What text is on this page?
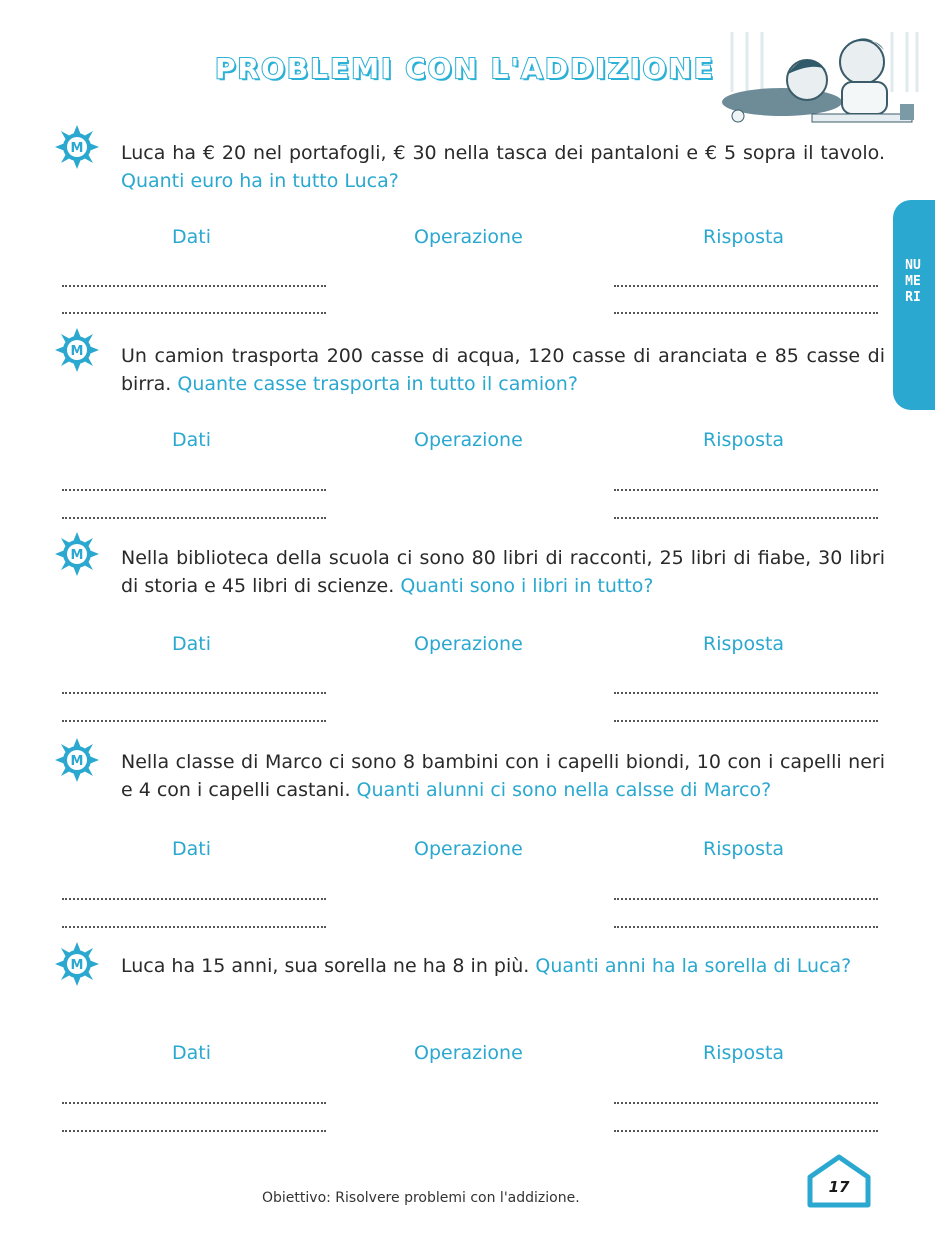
PROBLEMI CON L'ADDIZIONE
NUMERI
M Luca ha € 20 nel portafogli, € 30 nella tasca dei pantaloni e € 5 sopra il tavolo. Quanti euro ha in tutto Luca?
Dati	Operazione	Risposta
M Un camion trasporta 200 casse di acqua, 120 casse di aranciata e 85 casse di birra. Quante casse trasporta in tutto il camion?
Dati	Operazione	Risposta
M Nella biblioteca della scuola ci sono 80 libri di racconti, 25 libri di fiabe, 30 libri di storia e 45 libri di scienze. Quanti sono i libri in tutto?
Dati	Operazione	Risposta
M Nella classe di Marco ci sono 8 bambini con i capelli biondi, 10 con i capelli neri e 4 con i capelli castani. Quanti alunni ci sono nella calsse di Marco?
Dati	Operazione	Risposta
M Luca ha 15 anni, sua sorella ne ha 8 in più. Quanti anni ha la sorella di Luca?
Dati	Operazione	Risposta
Obiettivo: Risolvere problemi con l'addizione.
17
